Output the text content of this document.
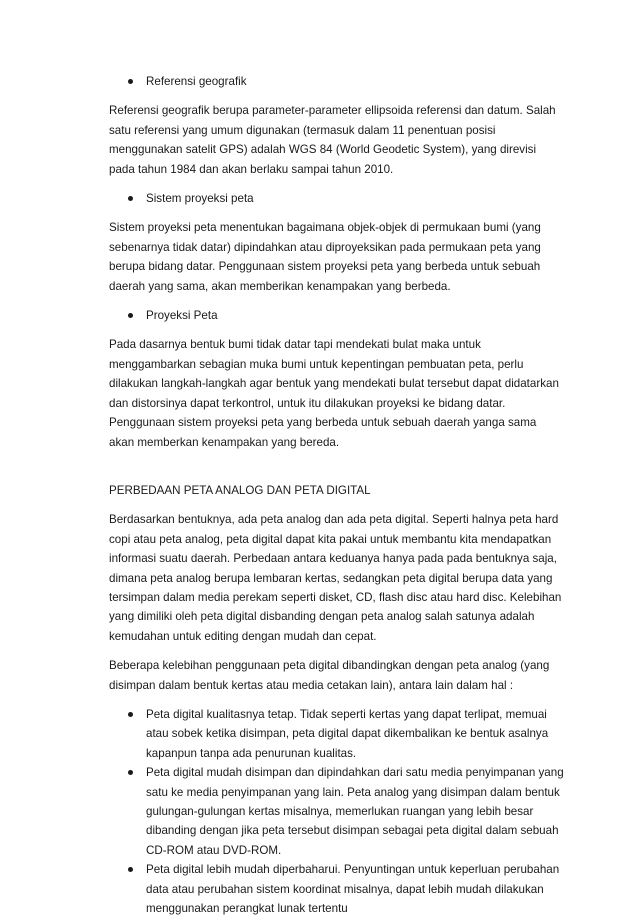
Referensi geografik

Referensi geografik berupa parameter-parameter ellipsoida referensi dan datum. Salah satu referensi yang umum digunakan (termasuk dalam 11 penentuan posisi menggunakan satelit GPS) adalah WGS 84 (World Geodetic System), yang direvisi pada tahun 1984 dan akan berlaku sampai tahun 2010.

Sistem proyeksi peta

Sistem proyeksi peta menentukan bagaimana objek-objek di permukaan bumi (yang sebenarnya tidak datar) dipindahkan atau diproyeksikan pada permukaan peta yang berupa bidang datar. Penggunaan sistem proyeksi peta yang berbeda untuk sebuah daerah yang sama, akan memberikan kenampakan yang berbeda.

Proyeksi Peta

Pada dasarnya bentuk bumi tidak datar tapi mendekati bulat maka untuk menggambarkan sebagian muka bumi untuk kepentingan pembuatan peta, perlu dilakukan langkah-langkah agar bentuk yang mendekati bulat tersebut dapat didatarkan dan distorsinya dapat terkontrol, untuk itu dilakukan proyeksi ke bidang datar. Penggunaan sistem proyeksi peta yang berbeda untuk sebuah daerah yanga sama akan memberkan kenampakan yang bereda.

PERBEDAAN PETA ANALOG DAN PETA DIGITAL

Berdasarkan bentuknya, ada peta analog dan ada peta digital. Seperti halnya peta hard copi atau peta analog, peta digital dapat kita pakai untuk membantu kita mendapatkan informasi suatu daerah. Perbedaan antara keduanya hanya pada pada bentuknya saja, dimana peta analog berupa lembaran kertas, sedangkan peta digital berupa data yang tersimpan dalam media perekam seperti disket, CD, flash disc atau hard disc. Kelebihan yang dimiliki oleh peta digital disbanding dengan peta analog salah satunya adalah kemudahan untuk editing dengan mudah dan cepat.

Beberapa kelebihan penggunaan peta digital dibandingkan dengan peta analog (yang disimpan dalam bentuk kertas atau media cetakan lain), antara lain dalam hal :

Peta digital kualitasnya tetap. Tidak seperti kertas yang dapat terlipat, memuai atau sobek ketika disimpan, peta digital dapat dikembalikan ke bentuk asalnya kapanpun tanpa ada penurunan kualitas.
Peta digital mudah disimpan dan dipindahkan dari satu media penyimpanan yang satu ke media penyimpanan yang lain. Peta analog yang disimpan dalam bentuk gulungan-gulungan kertas misalnya, memerlukan ruangan yang lebih besar dibanding dengan jika peta tersebut disimpan sebagai peta digital dalam sebuah CD-ROM atau DVD-ROM.
Peta digital lebih mudah diperbaharui. Penyuntingan untuk keperluan perubahan data atau perubahan sistem koordinat misalnya, dapat lebih mudah dilakukan menggunakan perangkat lunak tertentu
